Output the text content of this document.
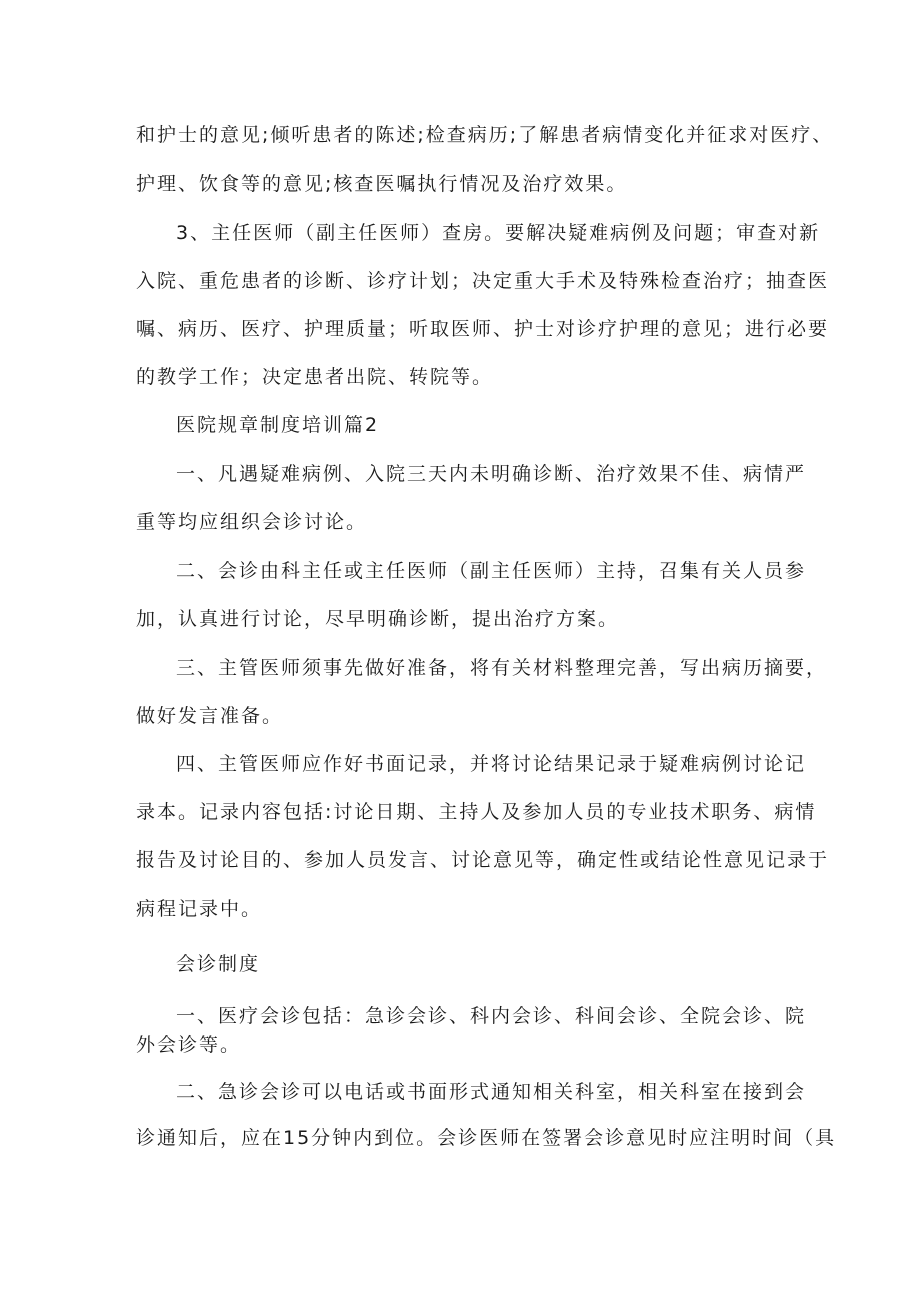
和护士的意见;倾听患者的陈述;检查病历;了解患者病情变化并征求对医疗、
护理、饮食等的意见;核查医嘱执行情况及治疗效果。
3、主任医师（副主任医师）查房。要解决疑难病例及问题；审查对新
入院、重危患者的诊断、诊疗计划；决定重大手术及特殊检查治疗；抽查医
嘱、病历、医疗、护理质量；听取医师、护士对诊疗护理的意见；进行必要
的教学工作；决定患者出院、转院等。
医院规章制度培训篇2
一、凡遇疑难病例、入院三天内未明确诊断、治疗效果不佳、病情严
重等均应组织会诊讨论。
二、会诊由科主任或主任医师（副主任医师）主持，召集有关人员参
加，认真进行讨论，尽早明确诊断，提出治疗方案。
三、主管医师须事先做好准备，将有关材料整理完善，写出病历摘要，
做好发言准备。
四、主管医师应作好书面记录，并将讨论结果记录于疑难病例讨论记
录本。记录内容包括:讨论日期、主持人及参加人员的专业技术职务、病情
报告及讨论目的、参加人员发言、讨论意见等，确定性或结论性意见记录于
病程记录中。
会诊制度
一、医疗会诊包括：急诊会诊、科内会诊、科间会诊、全院会诊、院
外会诊等。
二、急诊会诊可以电话或书面形式通知相关科室，相关科室在接到会
诊通知后，应在15分钟内到位。会诊医师在签署会诊意见时应注明时间（具
